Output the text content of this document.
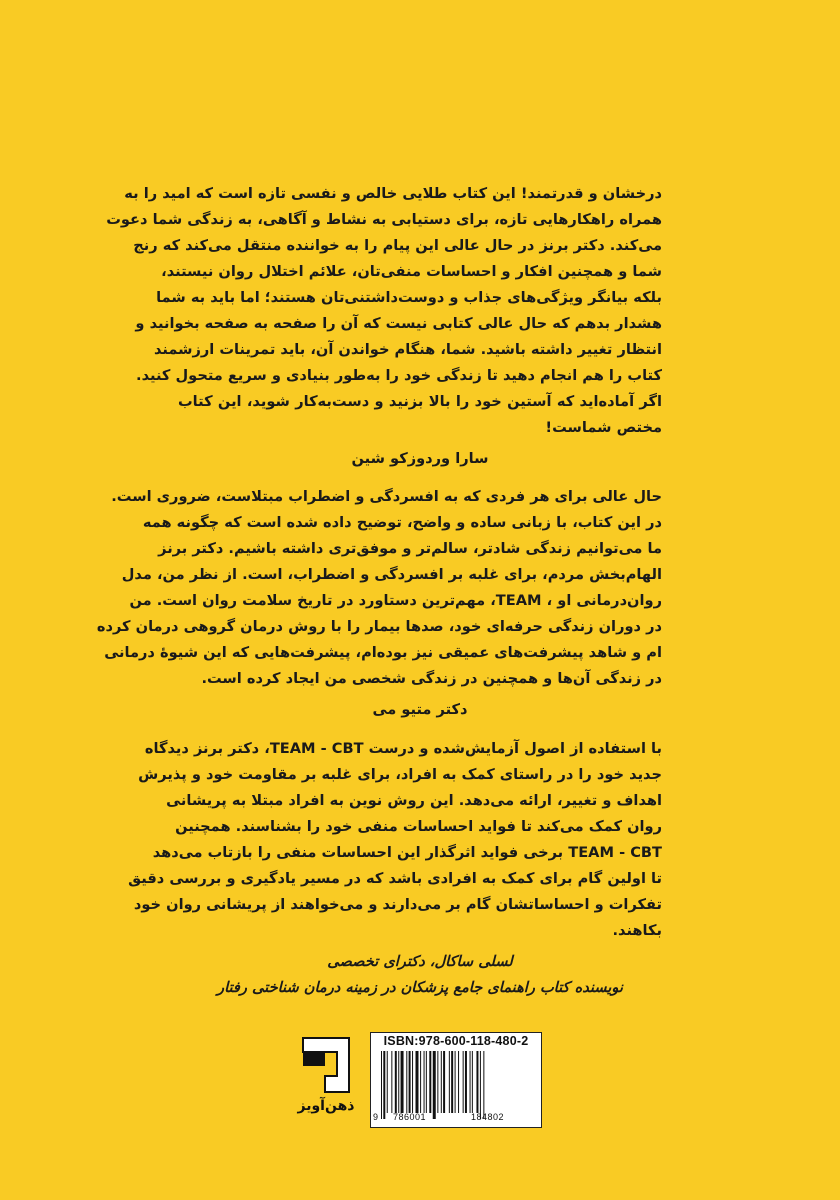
درخشان و قدرتمند! این کتاب طلایی خالص و نفسی تازه است که امید را به
همراه راهکارهایی تازه، برای دستیابی به نشاط و آگاهی، به زندگی شما دعوت
می‌کند. دکتر برنز در حال عالی این پیام را به خواننده منتقل می‌کند که رنج
شما و همچنین افکار و احساسات منفی‌تان، علائم اختلال روان نیستند،
بلکه بیانگر ویژگی‌های جذاب و دوست‌داشتنی‌تان هستند؛ اما باید به شما
هشدار بدهم که حال عالی کتابی نیست که آن را صفحه به صفحه بخوانید و
انتظار تغییر داشته باشید. شما، هنگام خواندن آن، باید تمرینات ارزشمند
کتاب را هم انجام دهید تا زندگی خود را به‌طور بنیادی و سریع متحول کنید.
اگر آماده‌اید که آستین خود را بالا بزنید و دست‌به‌کار شوید، این کتاب
مختص شماست!
سارا وردوزکو شین
حال عالی برای هر فردی که به افسردگی و اضطراب مبتلاست، ضروری است.
در این کتاب، با زبانی ساده و واضح، توضیح داده شده است که چگونه همه
ما می‌توانیم زندگی شادتر، سالم‌تر و موفق‌تری داشته باشیم. دکتر برنز
الهام‌بخش مردم، برای غلبه بر افسردگی و اضطراب، است. از نظر من، مدل
روان‌درمانی او ، TEAM، مهم‌ترین دستاورد در تاریخ سلامت روان است. من
در دوران زندگی حرفه‌ای خود، صدها بیمار را با روش درمان گروهی درمان کرده
ام و شاهد پیشرفت‌های عمیقی نیز بوده‌ام، پیشرفت‌هایی که این شیوهٔ درمانی
در زندگی آن‌ها و همچنین در زندگی شخصی من ایجاد کرده است.
دکتر متیو می
با استفاده از اصول آزمایش‌شده و درست TEAM - CBT، دکتر برنز دیدگاه
جدید خود را در راستای کمک به افراد، برای غلبه بر مقاومت خود و پذیرش
اهداف و تغییر، ارائه می‌دهد. این روش نوین به افراد مبتلا به پریشانی
روان کمک می‌کند تا فواید احساسات منفی خود را بشناسند. همچنین
TEAM - CBT برخی فواید اثرگذار این احساسات منفی را بازتاب می‌دهد
تا اولین گام برای کمک به افرادی باشد که در مسیر یادگیری و بررسی دقیق
تفکرات و احساساتشان گام بر می‌دارند و می‌خواهند از پریشانی روان خود
بکاهند.
لسلی ساکال، دکترای تخصصی
نویسنده کتاب راهنمای جامع پزشکان در زمینه درمان شناختی رفتار
ذهن‌آویز
ISBN:978-600-118-480-2
9 786001	184802
